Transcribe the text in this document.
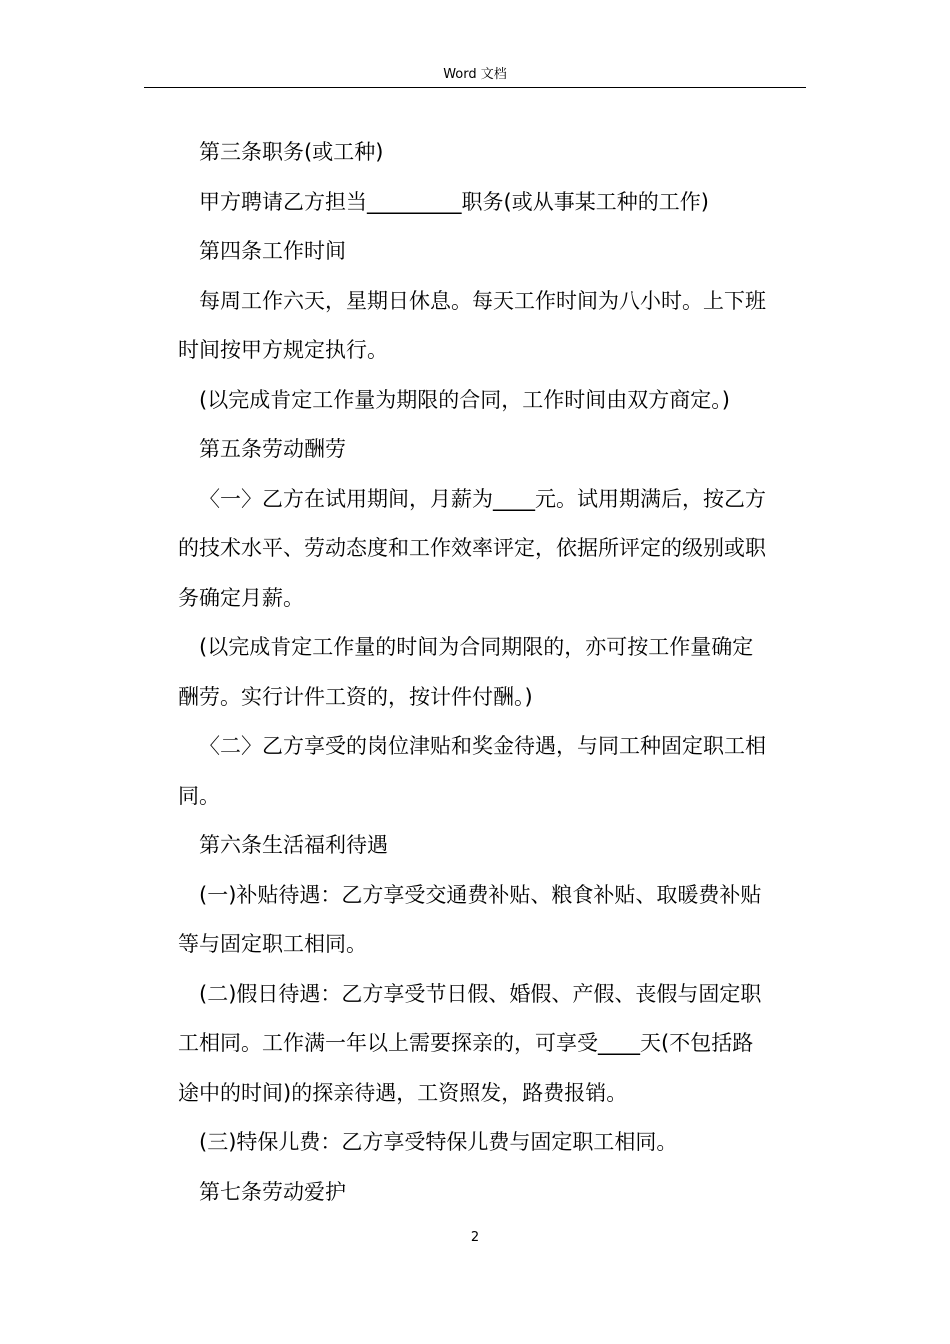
Word 文档
第三条职务(或工种)
甲方聘请乙方担当_________职务(或从事某工种的工作)
第四条工作时间
每周工作六天，星期日休息。每天工作时间为八小时。上下班
时间按甲方规定执行。
(以完成肯定工作量为期限的合同，工作时间由双方商定。)
第五条劳动酬劳
〈一〉乙方在试用期间，月薪为____元。试用期满后，按乙方
的技术水平、劳动态度和工作效率评定，依据所评定的级别或职
务确定月薪。
(以完成肯定工作量的时间为合同期限的，亦可按工作量确定
酬劳。实行计件工资的，按计件付酬。)
〈二〉乙方享受的岗位津贴和奖金待遇，与同工种固定职工相
同。
第六条生活福利待遇
(一)补贴待遇：乙方享受交通费补贴、粮食补贴、取暖费补贴
等与固定职工相同。
(二)假日待遇：乙方享受节日假、婚假、产假、丧假与固定职
工相同。工作满一年以上需要探亲的，可享受____天(不包括路
途中的时间)的探亲待遇，工资照发，路费报销。
(三)特保儿费：乙方享受特保儿费与固定职工相同。
第七条劳动爱护
2
